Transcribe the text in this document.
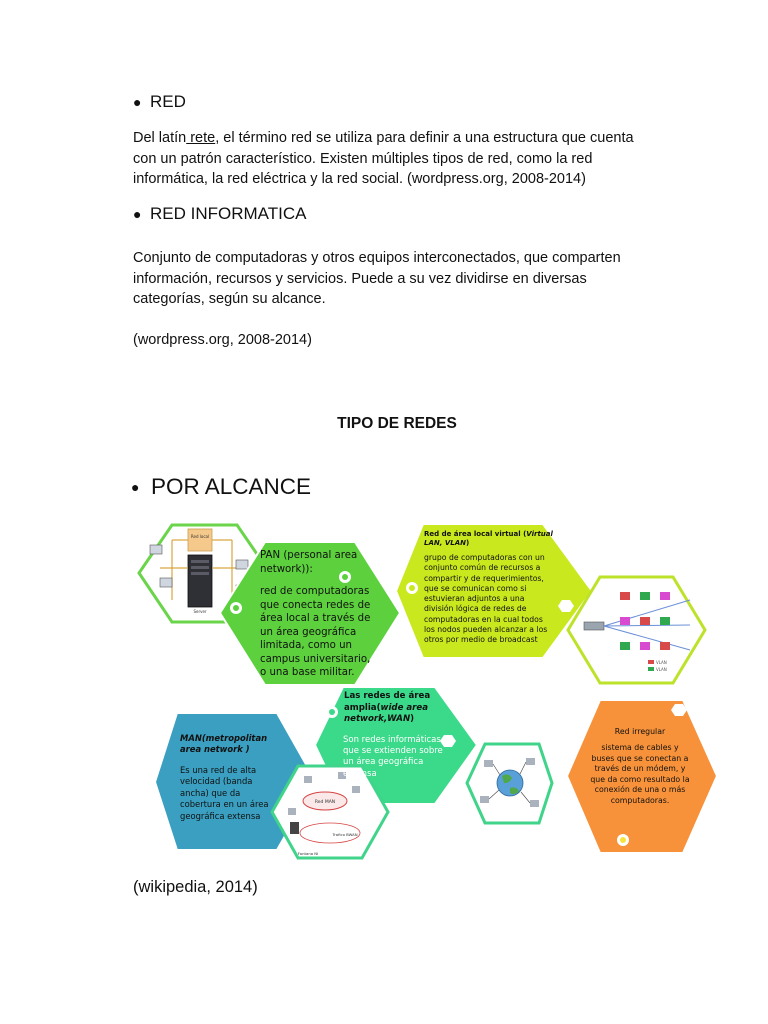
● RED
Del latín rete, el término red se utiliza para definir a una estructura que cuenta con un patrón característico. Existen múltiples tipos de red, como la red informática, la red eléctrica y la red social. (wordpress.org, 2008-2014)
● RED INFORMATICA
Conjunto de computadoras y otros equipos interconectados, que comparten información, recursos y servicios. Puede a su vez dividirse en diversas categorías, según su alcance.
(wordpress.org, 2008-2014)
TIPO DE REDES
● POR ALCANCE
Red local
Server
VLAN
VLAN
Red MAN
Trafico BWAN
Fontana NI
PAN (personal area network)):
red de computadoras que conecta redes de área local a través de un área geográfica limitada, como un campus universitario, o una base militar.
Red de área local virtual (Virtual LAN, VLAN)
grupo de computadoras con un conjunto común de recursos a compartir y de requerimientos, que se comunican como si estuvieran adjuntos a una división lógica de redes de computadoras en la cual todos los nodos pueden alcanzar a los otros por medio de broadcast
Las redes de área amplia(wide area network,WAN)
Son redes informáticas que se extienden sobre un área geográfica extensa
MAN(metropolitan area network )
Es una red de alta velocidad (banda ancha) que da cobertura en un área geográfica extensa
Red irregular
sistema de cables y buses que se conectan a través de un módem, y que da como resultado la conexión de una o más computadoras.
(wikipedia, 2014)
